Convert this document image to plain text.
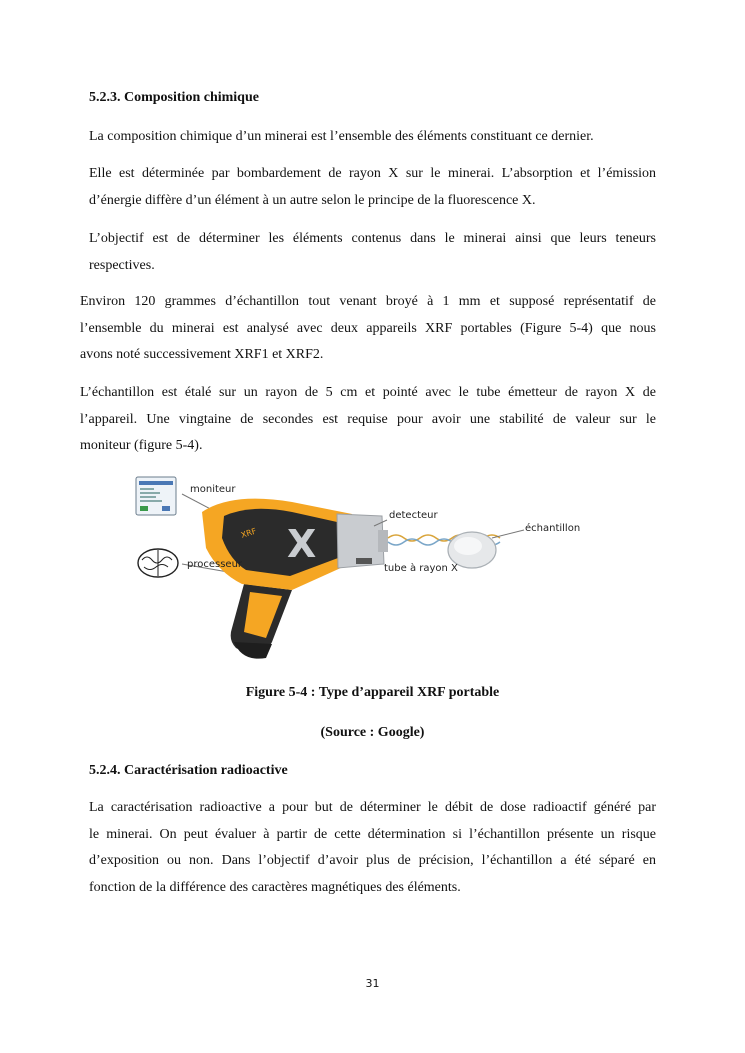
5.2.3. Composition chimique
La composition chimique d’un minerai est l’ensemble des éléments constituant ce dernier.
Elle est déterminée par bombardement de rayon X sur le minerai. L’absorption et l’émission
d’énergie diffère d’un élément à un autre selon le principe de la fluorescence X.
L’objectif est de déterminer les éléments contenus dans le minerai ainsi que leurs teneurs
respectives.
Environ 120 grammes d’échantillon tout venant broyé à 1 mm et supposé représentatif de
l’ensemble du minerai est analysé avec deux appareils XRF portables (Figure 5-4) que nous
avons noté successivement XRF1 et XRF2.
L’échantillon est étalé sur un rayon de 5 cm et pointé avec le tube émetteur de rayon X de
l’appareil. Une vingtaine de secondes est requise pour avoir une stabilité de valeur sur le
moniteur (figure 5-4).
X
XRF
moniteur
processeur
detecteur
échantillon
tube à rayon X
Figure 5-4 : Type d’appareil XRF portable
(Source : Google)
5.2.4. Caractérisation radioactive
La caractérisation radioactive a pour but de déterminer le débit de dose radioactif généré par
le minerai. On peut évaluer à partir de cette détermination si l’échantillon présente un risque
d’exposition ou non. Dans l’objectif d’avoir plus de précision, l’échantillon a été séparé en
fonction de la différence des caractères magnétiques des éléments.
31
